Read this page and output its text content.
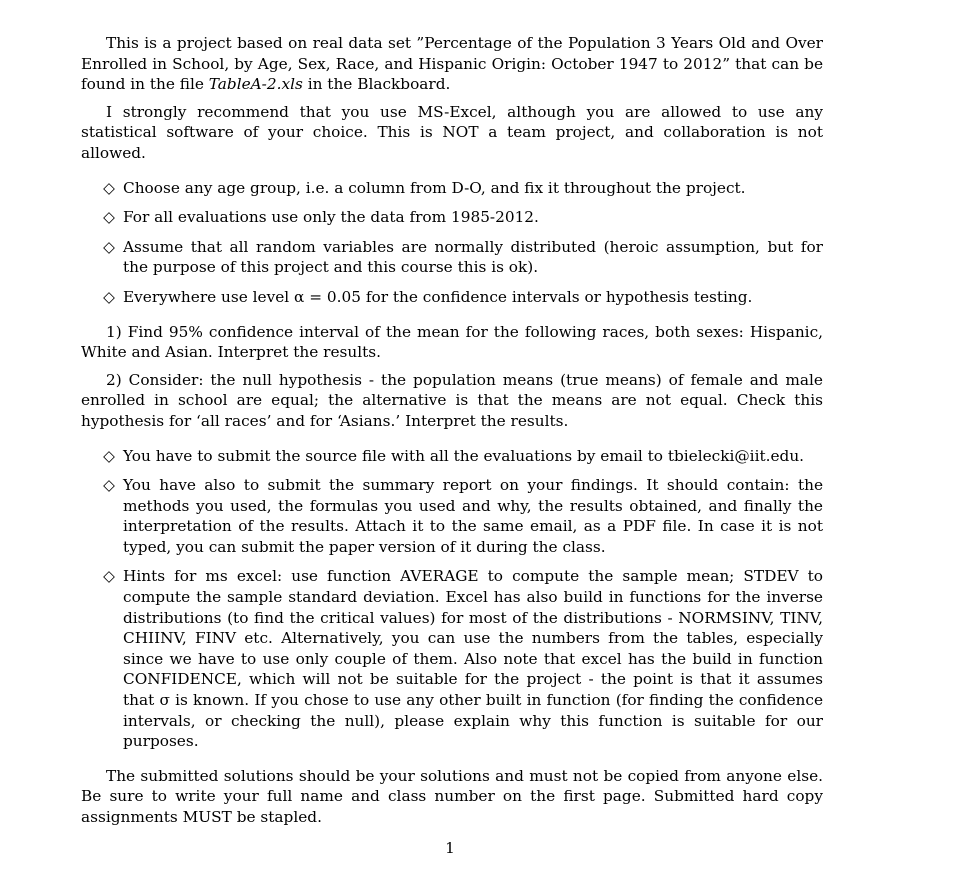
This is a project based on real data set ”Percentage of the Population 3 Years Old and Over Enrolled in School, by Age, Sex, Race, and Hispanic Origin: October 1947 to 2012” that can be found in the file TableA-2.xls in the Blackboard.

I strongly recommend that you use MS-Excel, although you are allowed to use any statistical software of your choice. This is NOT a team project, and collaboration is not allowed.

◇ Choose any age group, i.e. a column from D-O, and fix it throughout the project.
◇ For all evaluations use only the data from 1985-2012.
◇ Assume that all random variables are normally distributed (heroic assumption, but for the purpose of this project and this course this is ok).
◇ Everywhere use level α = 0.05 for the confidence intervals or hypothesis testing.

1) Find 95% confidence interval of the mean for the following races, both sexes: Hispanic, White and Asian. Interpret the results.

2) Consider: the null hypothesis - the population means (true means) of female and male enrolled in school are equal; the alternative is that the means are not equal. Check this hypothesis for ‘all races’ and for ‘Asians.’ Interpret the results.

◇ You have to submit the source file with all the evaluations by email to tbielecki@iit.edu.
◇ You have also to submit the summary report on your findings. It should contain: the methods you used, the formulas you used and why, the results obtained, and finally the interpretation of the results. Attach it to the same email, as a PDF file. In case it is not typed, you can submit the paper version of it during the class.
◇ Hints for ms excel: use function AVERAGE to compute the sample mean; STDEV to compute the sample standard deviation. Excel has also build in functions for the inverse distributions (to find the critical values) for most of the distributions - NORMSINV, TINV, CHIINV, FINV etc. Alternatively, you can use the numbers from the tables, especially since we have to use only couple of them. Also note that excel has the build in function CONFIDENCE, which will not be suitable for the project - the point is that it assumes that σ is known. If you chose to use any other built in function (for finding the confidence intervals, or checking the null), please explain why this function is suitable for our purposes.

The submitted solutions should be your solutions and must not be copied from anyone else. Be sure to write your full name and class number on the first page. Submitted hard copy assignments MUST be stapled.

1
